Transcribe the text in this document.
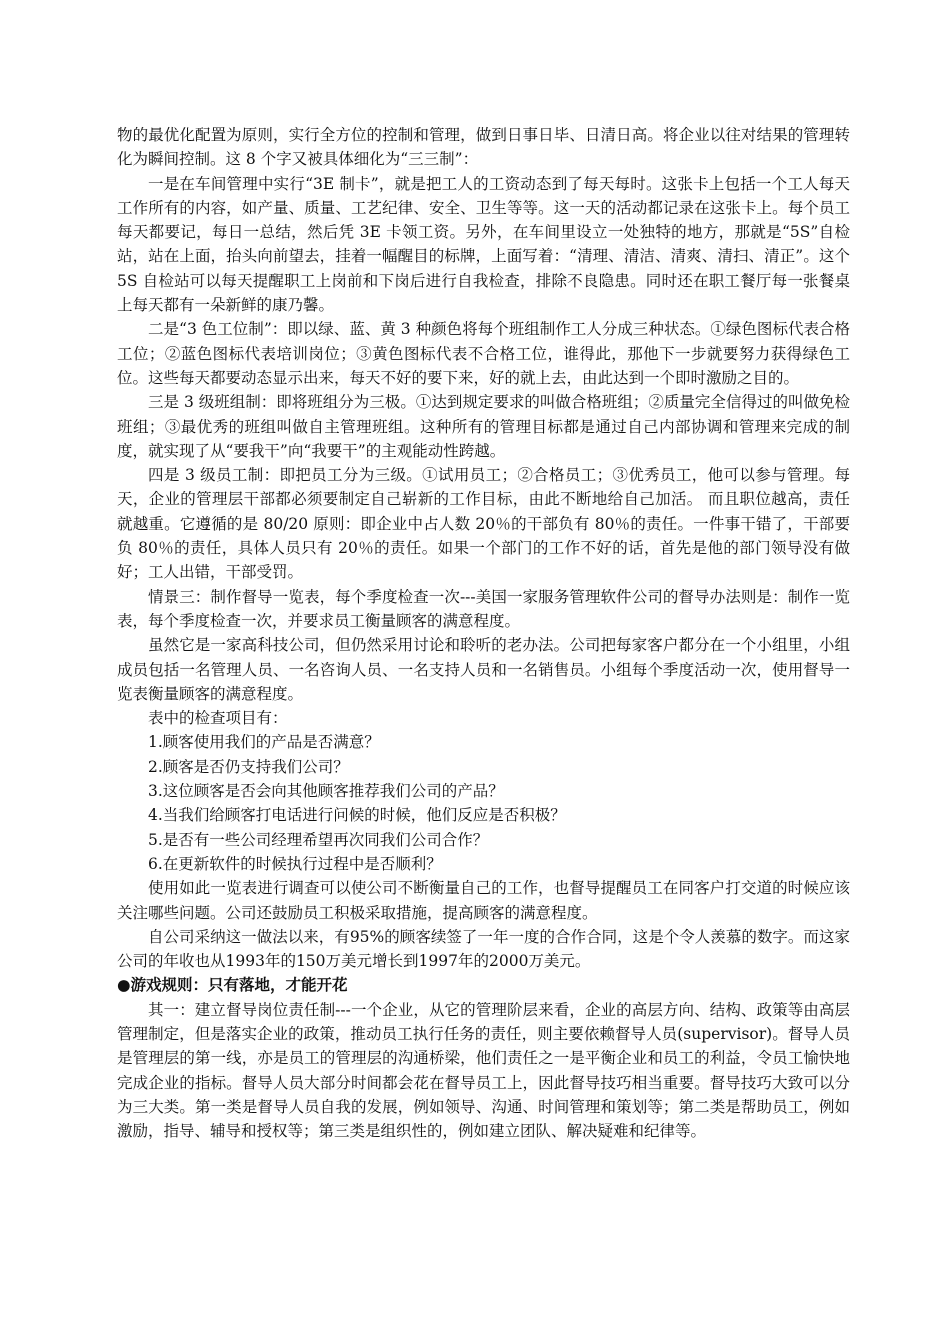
物的最优化配置为原则，实行全方位的控制和管理，做到日事日毕、日清日高。将企业以往对结果的管理转化为瞬间控制。这 8 个字又被具体细化为“三三制”：

一是在车间管理中实行“3E 制卡”，就是把工人的工资动态到了每天每时。这张卡上包括一个工人每天工作所有的内容，如产量、质量、工艺纪律、安全、卫生等等。这一天的活动都记录在这张卡上。每个员工每天都要记，每日一总结，然后凭 3E 卡领工资。另外，在车间里设立一处独特的地方，那就是“5S”自检站，站在上面，抬头向前望去，挂着一幅醒目的标牌，上面写着：“清理、清洁、清爽、清扫、清正”。这个 5S 自检站可以每天提醒职工上岗前和下岗后进行自我检查，排除不良隐患。同时还在职工餐厅每一张餐桌上每天都有一朵新鲜的康乃馨。

二是“3 色工位制”：即以绿、蓝、黄 3 种颜色将每个班组制作工人分成三种状态。①绿色图标代表合格工位；②蓝色图标代表培训岗位；③黄色图标代表不合格工位，谁得此，那他下一步就要努力获得绿色工位。这些每天都要动态显示出来，每天不好的要下来，好的就上去，由此达到一个即时激励之目的。

三是 3 级班组制：即将班组分为三极。①达到规定要求的叫做合格班组；②质量完全信得过的叫做免检班组；③最优秀的班组叫做自主管理班组。这种所有的管理目标都是通过自己内部协调和管理来完成的制度，就实现了从“要我干”向“我要干”的主观能动性跨越。

四是 3 级员工制：即把员工分为三级。①试用员工；②合格员工；③优秀员工，他可以参与管理。每天，企业的管理层干部都必须要制定自己崭新的工作目标，由此不断地给自己加活。 而且职位越高，责任就越重。它遵循的是 80/20 原则：即企业中占人数 20％的干部负有 80％的责任。一件事干错了，干部要负 80％的责任，具体人员只有 20％的责任。如果一个部门的工作不好的话，首先是他的部门领导没有做好；工人出错，干部受罚。

情景三：制作督导一览表，每个季度检查一次---美国一家服务管理软件公司的督导办法则是：制作一览表，每个季度检查一次，并要求员工衡量顾客的满意程度。

虽然它是一家高科技公司，但仍然采用讨论和聆听的老办法。公司把每家客户都分在一个小组里，小组成员包括一名管理人员、一名咨询人员、一名支持人员和一名销售员。小组每个季度活动一次，使用督导一览表衡量顾客的满意程度。

表中的检查项目有：

1.顾客使用我们的产品是否满意？

2.顾客是否仍支持我们公司？

3.这位顾客是否会向其他顾客推荐我们公司的产品？

4.当我们给顾客打电话进行问候的时候，他们反应是否积极？

5.是否有一些公司经理希望再次同我们公司合作？

6.在更新软件的时候执行过程中是否顺利？

使用如此一览表进行调查可以使公司不断衡量自己的工作，也督导提醒员工在同客户打交道的时候应该关注哪些问题。公司还鼓励员工积极采取措施，提高顾客的满意程度。

自公司采纳这一做法以来，有95%的顾客续签了一年一度的合作合同，这是个令人羡慕的数字。而这家公司的年收也从1993年的150万美元增长到1997年的2000万美元。

●游戏规则：只有落地，才能开花

其一：建立督导岗位责任制---一个企业，从它的管理阶层来看，企业的高层方向、结构、政策等由高层管理制定，但是落实企业的政策，推动员工执行任务的责任，则主要依赖督导人员(supervisor)。督导人员是管理层的第一线，亦是员工的管理层的沟通桥梁，他们责任之一是平衡企业和员工的利益，令员工愉快地完成企业的指标。督导人员大部分时间都会花在督导员工上，因此督导技巧相当重要。督导技巧大致可以分为三大类。第一类是督导人员自我的发展，例如领导、沟通、时间管理和策划等；第二类是帮助员工，例如激励，指导、辅导和授权等；第三类是组织性的，例如建立团队、解决疑难和纪律等。
